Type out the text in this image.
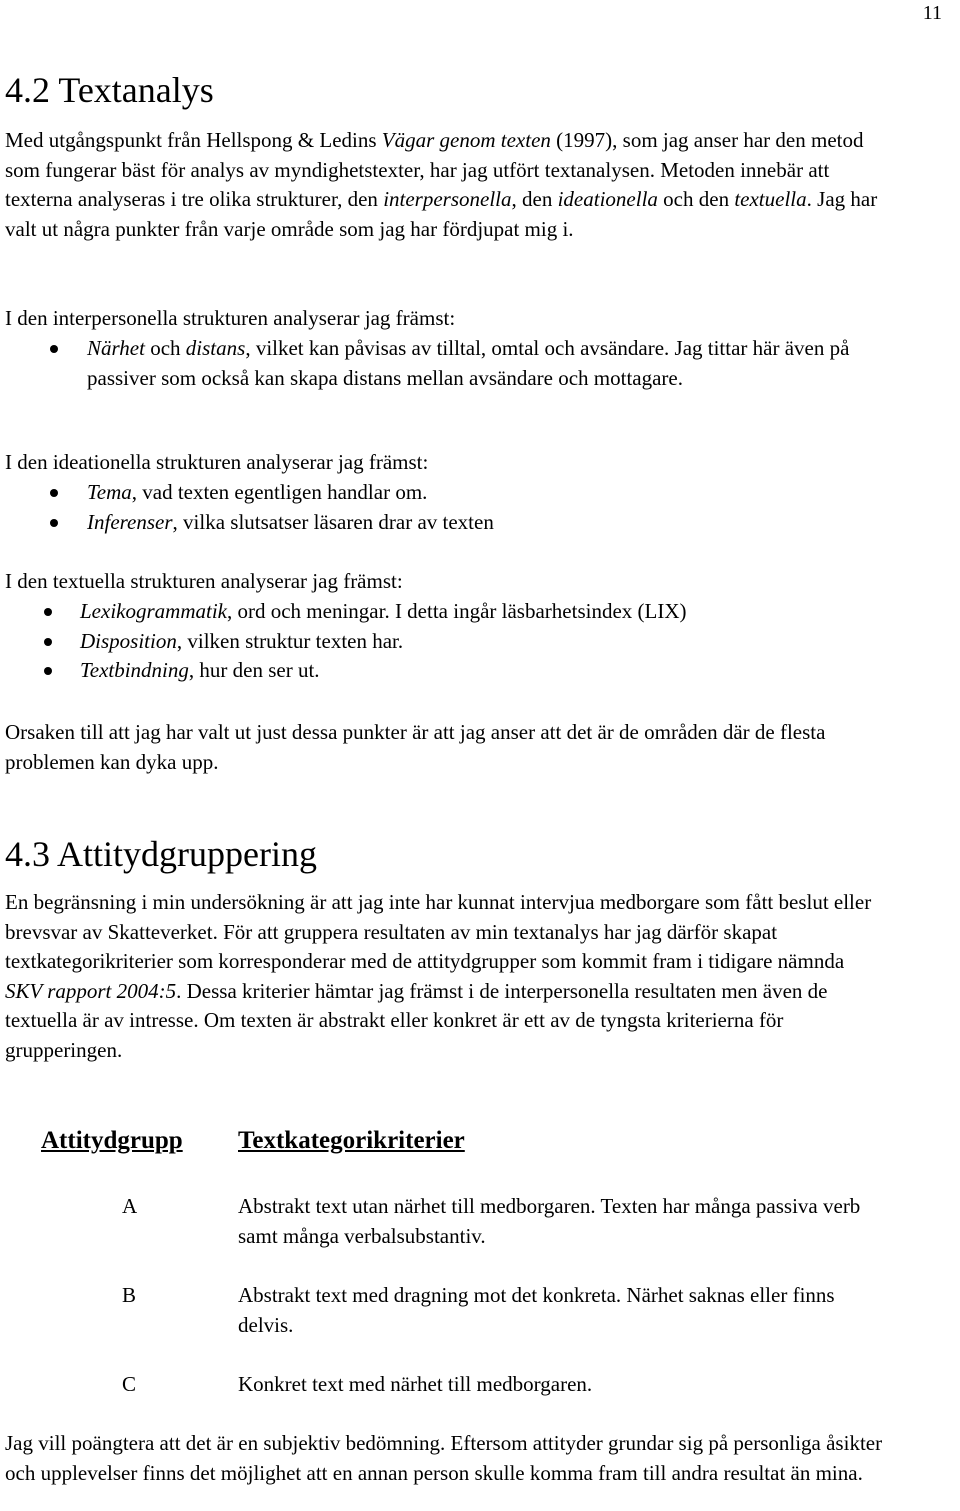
11
4.2 Textanalys

Med utgångspunkt från Hellspong & Ledins Vägar genom texten (1997), som jag anser har den metod som fungerar bäst för analys av myndighetstexter, har jag utfört textanalysen. Metoden innebär att texterna analyseras i tre olika strukturer, den interpersonella, den ideationella och den textuella. Jag har valt ut några punkter från varje område som jag har fördjupat mig i.

I den interpersonella strukturen analyserar jag främst:

Närhet och distans, vilket kan påvisas av tilltal, omtal och avsändare. Jag tittar här även på passiver som också kan skapa distans mellan avsändare och mottagare.

I den ideationella strukturen analyserar jag främst:

Tema, vad texten egentligen handlar om.
Inferenser, vilka slutsatser läsaren drar av texten

I den textuella strukturen analyserar jag främst:

Lexikogrammatik, ord och meningar. I detta ingår läsbarhetsindex (LIX)
Disposition, vilken struktur texten har.
Textbindning, hur den ser ut.

Orsaken till att jag har valt ut just dessa punkter är att jag anser att det är de områden där de flesta problemen kan dyka upp.

4.3 Attitydgruppering

En begränsning i min undersökning är att jag inte har kunnat intervjua medborgare som fått beslut eller brevsvar av Skatteverket. För att gruppera resultaten av min textanalys har jag därför skapat textkategorikriterier som korresponderar med de attitydgrupper som kommit fram i tidigare nämnda SKV rapport 2004:5. Dessa kriterier hämtar jag främst i de interpersonella resultaten men även de textuella är av intresse. Om texten är abstrakt eller konkret är ett av de tyngsta kriterierna för grupperingen.

Attitydgrupp Textkategorikriterier
A	Abstrakt text utan närhet till medborgaren. Texten har många passiva verb samt många verbalsubstantiv.
B	Abstrakt text med dragning mot det konkreta. Närhet saknas eller finns delvis.
C	Konkret text med närhet till medborgaren.

Jag vill poängtera att det är en subjektiv bedömning. Eftersom attityder grundar sig på personliga åsikter och upplevelser finns det möjlighet att en annan person skulle komma fram till andra resultat än mina.
